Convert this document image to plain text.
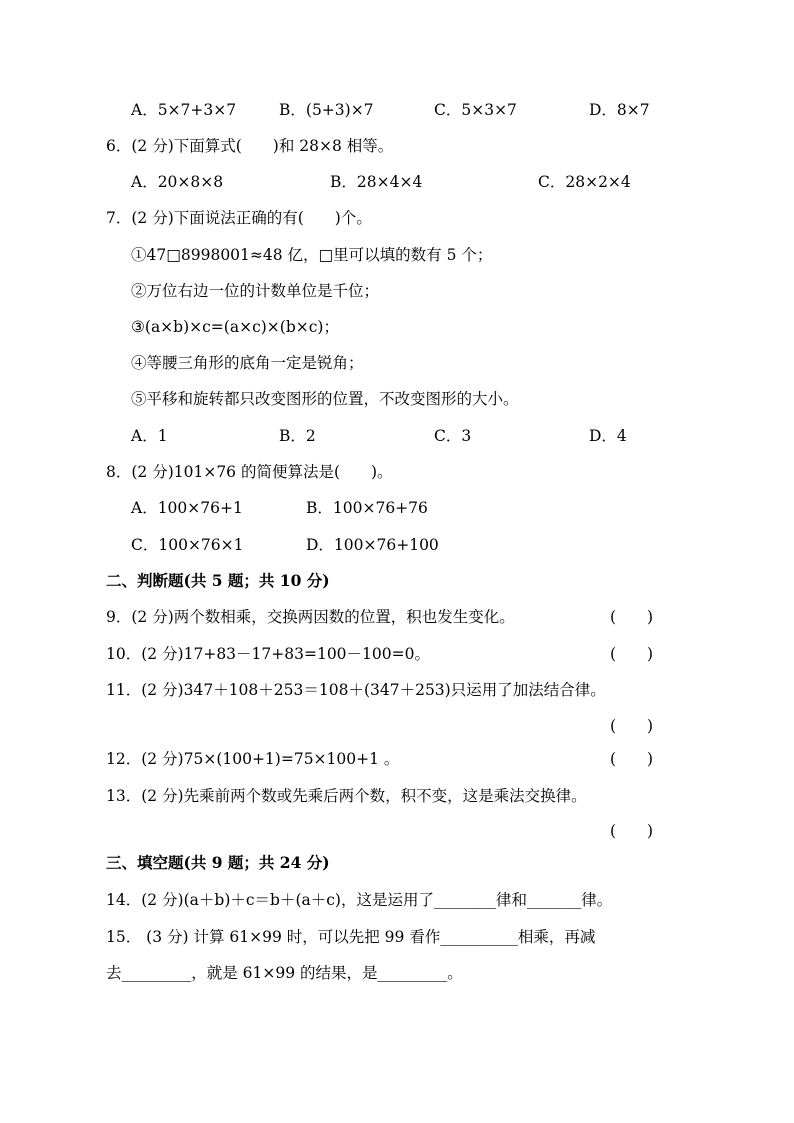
A．5×7+3×7	B．(5+3)×7	C．5×3×7	D．8×7
6．(2 分)下面算式(　　)和 28×8 相等。
A．20×8×8	B．28×4×4	C．28×2×4
7．(2 分)下面说法正确的有(　　)个。
①47□8998001≈48 亿，□里可以填的数有 5 个；
②万位右边一位的计数单位是千位；
③(a×b)×c=(a×c)×(b×c)；
④等腰三角形的底角一定是锐角；
⑤平移和旋转都只改变图形的位置，不改变图形的大小。
A．1	B．2	C．3	D．4
8．(2 分)101×76 的简便算法是(　　)。
A．100×76+1	B．100×76+76
C．100×76×1	D．100×76+100
二、判断题(共 5 题；共 10 分)
9．(2 分)两个数相乘，交换两因数的位置，积也发生变化。	(　　)
10．(2 分)17+83－17+83=100－100=0。	(　　)
11．(2 分)347＋108＋253＝108＋(347＋253)只运用了加法结合律。
(　　)
12．(2 分)75×(100+1)=75×100+1 。	(　　)
13．(2 分)先乘前两个数或先乘后两个数，积不变，这是乘法交换律。
(　　)
三、填空题(共 9 题；共 24 分)
14．(2 分)(a＋b)＋c＝b＋(a＋c)，这是运用了________律和_______律。
15． (3 分) 计算 61×99 时，可以先把 99 看作__________相乘，再减
去_________，就是 61×99 的结果，是_________。
